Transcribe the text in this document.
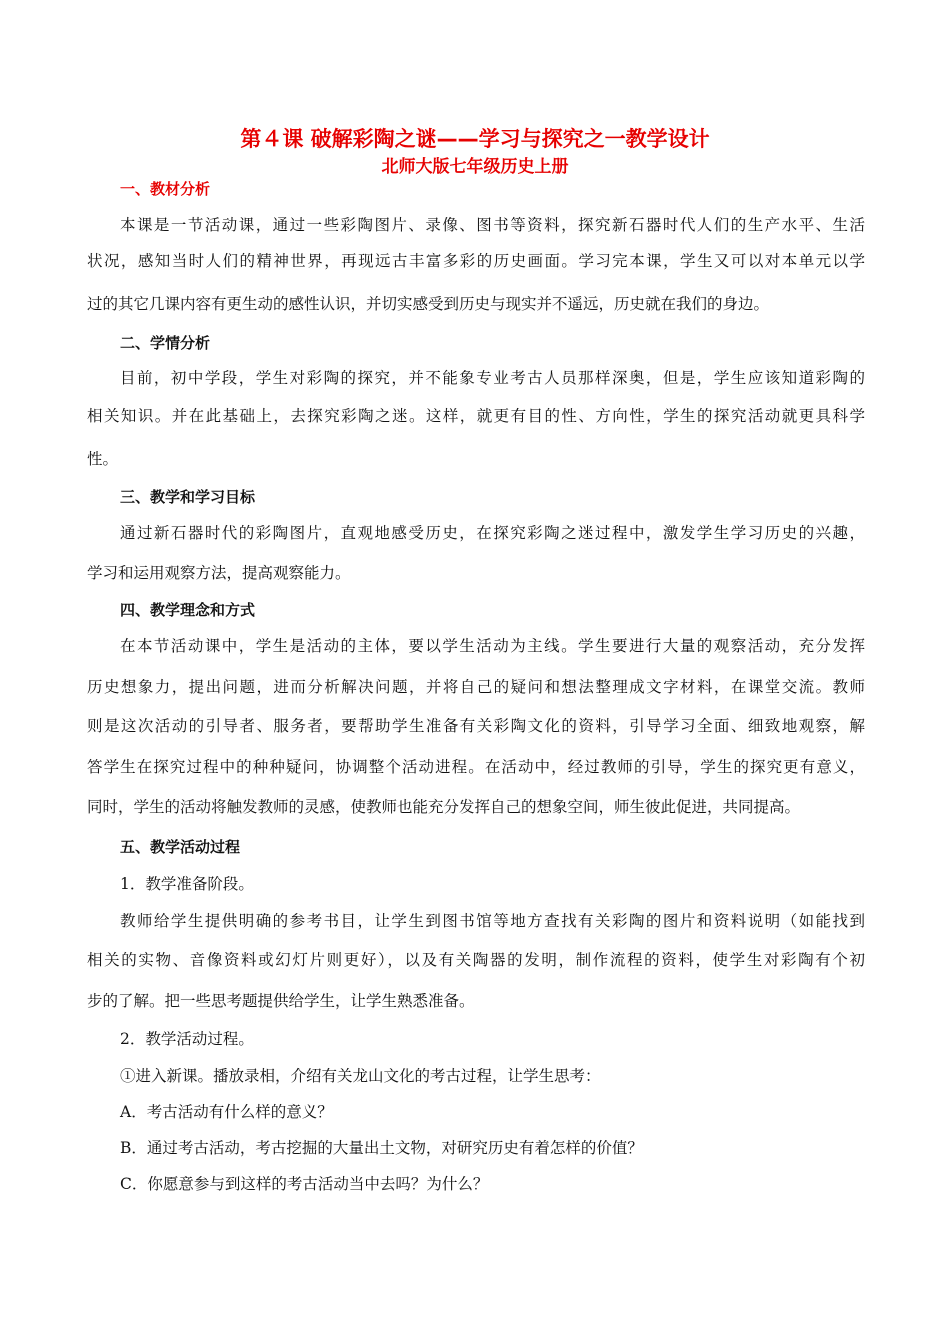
第４课 破解彩陶之谜——学习与探究之一教学设计
北师大版七年级历史上册
一、教材分析
本课是一节活动课，通过一些彩陶图片、录像、图书等资料，探究新石器时代人们的生产水平、生活
状况，感知当时人们的精神世界，再现远古丰富多彩的历史画面。学习完本课，学生又可以对本单元以学
过的其它几课内容有更生动的感性认识，并切实感受到历史与现实并不遥远，历史就在我们的身边。
二、学情分析
目前，初中学段，学生对彩陶的探究，并不能象专业考古人员那样深奥，但是，学生应该知道彩陶的
相关知识。并在此基础上，去探究彩陶之迷。这样，就更有目的性、方向性，学生的探究活动就更具科学
性。
三、教学和学习目标
通过新石器时代的彩陶图片，直观地感受历史，在探究彩陶之迷过程中，激发学生学习历史的兴趣，
学习和运用观察方法，提高观察能力。
四、教学理念和方式
在本节活动课中，学生是活动的主体，要以学生活动为主线。学生要进行大量的观察活动，充分发挥
历史想象力，提出问题，进而分析解决问题，并将自己的疑问和想法整理成文字材料，在课堂交流。教师
则是这次活动的引导者、服务者，要帮助学生准备有关彩陶文化的资料，引导学习全面、细致地观察，解
答学生在探究过程中的种种疑问，协调整个活动进程。在活动中，经过教师的引导，学生的探究更有意义，
同时，学生的活动将触发教师的灵感，使教师也能充分发挥自己的想象空间，师生彼此促进，共同提高。
五、教学活动过程
1．教学准备阶段。
教师给学生提供明确的参考书目，让学生到图书馆等地方查找有关彩陶的图片和资料说明（如能找到
相关的实物、音像资料或幻灯片则更好），以及有关陶器的发明，制作流程的资料，使学生对彩陶有个初
步的了解。把一些思考题提供给学生，让学生熟悉准备。
2．教学活动过程。
①进入新课。播放录相，介绍有关龙山文化的考古过程，让学生思考：
A．考古活动有什么样的意义？
B．通过考古活动，考古挖掘的大量出土文物，对研究历史有着怎样的价值？
C．你愿意参与到这样的考古活动当中去吗？为什么？
